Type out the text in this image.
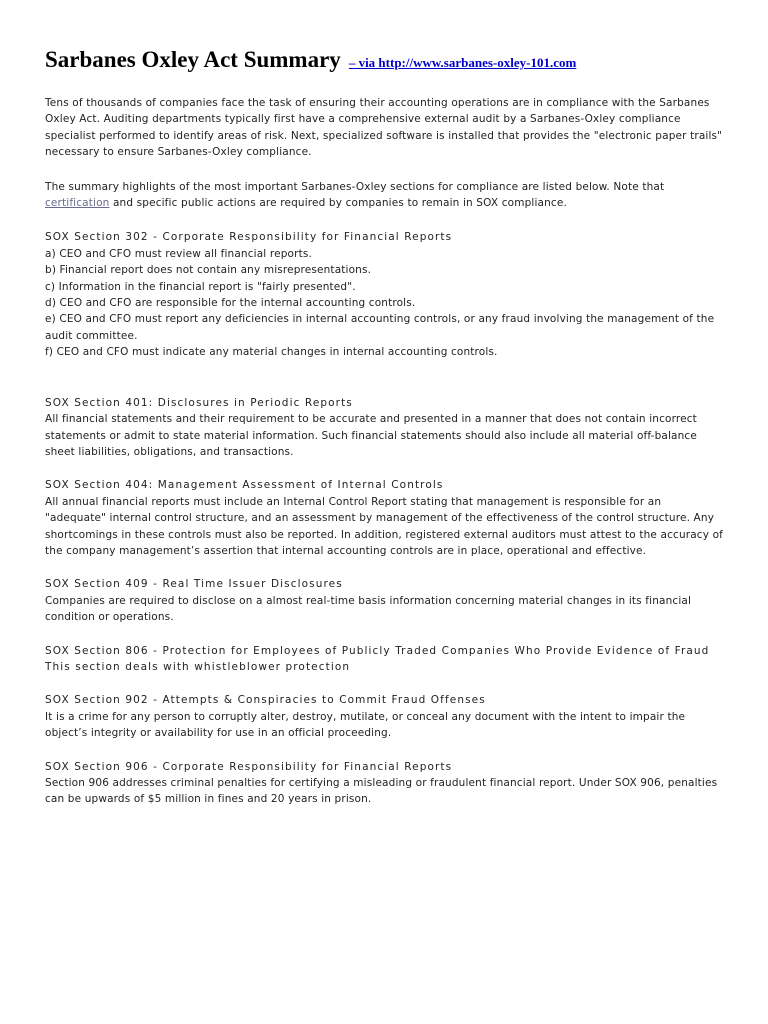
Sarbanes Oxley Act Summary – via http://www.sarbanes-oxley-101.com

Tens of thousands of companies face the task of ensuring their accounting operations are in compliance with the Sarbanes Oxley Act. Auditing departments typically first have a comprehensive external audit by a Sarbanes-Oxley compliance specialist performed to identify areas of risk. Next, specialized software is installed that provides the "electronic paper trails" necessary to ensure Sarbanes-Oxley compliance.

The summary highlights of the most important Sarbanes-Oxley sections for compliance are listed below. Note that certification and specific public actions are required by companies to remain in SOX compliance.

SOX Section 302 - Corporate Responsibility for Financial Reports

a) CEO and CFO must review all financial reports.

b) Financial report does not contain any misrepresentations.

c) Information in the financial report is "fairly presented".

d) CEO and CFO are responsible for the internal accounting controls.

e) CEO and CFO must report any deficiencies in internal accounting controls, or any fraud involving the management of the audit committee.

f) CEO and CFO must indicate any material changes in internal accounting controls.

SOX Section 401: Disclosures in Periodic Reports

All financial statements and their requirement to be accurate and presented in a manner that does not contain incorrect statements or admit to state material information. Such financial statements should also include all material off-balance sheet liabilities, obligations, and transactions.

SOX Section 404: Management Assessment of Internal Controls

All annual financial reports must include an Internal Control Report stating that management is responsible for an "adequate" internal control structure, and an assessment by management of the effectiveness of the control structure. Any shortcomings in these controls must also be reported. In addition, registered external auditors must attest to the accuracy of the company management’s assertion that internal accounting controls are in place, operational and effective.

SOX Section 409 - Real Time Issuer Disclosures

Companies are required to disclose on a almost real-time basis information concerning material changes in its financial condition or operations.

SOX Section 806 - Protection for Employees of Publicly Traded Companies Who Provide Evidence of Fraud

This section deals with whistleblower protection

SOX Section 902 - Attempts & Conspiracies to Commit Fraud Offenses

It is a crime for any person to corruptly alter, destroy, mutilate, or conceal any document with the intent to impair the object’s integrity or availability for use in an official proceeding.

SOX Section 906 - Corporate Responsibility for Financial Reports

Section 906 addresses criminal penalties for certifying a misleading or fraudulent financial report. Under SOX 906, penalties can be upwards of $5 million in fines and 20 years in prison.
